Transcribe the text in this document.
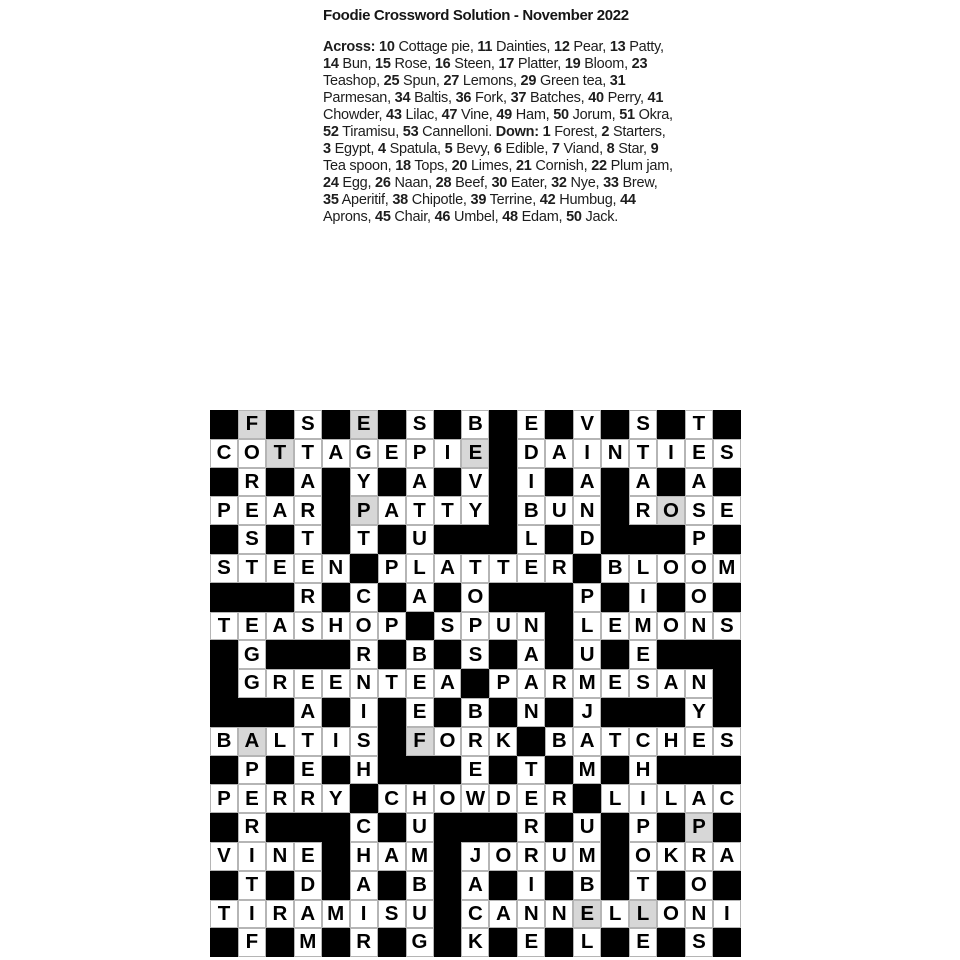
Foodie Crossword Solution - November 2022

Across: 10 Cottage pie, 11 Dainties, 12 Pear, 13 Patty, 14 Bun, 15 Rose, 16 Steen, 17 Platter, 19 Bloom, 23 Teashop, 25 Spun, 27 Lemons, 29 Green tea, 31 Parmesan, 34 Baltis, 36 Fork, 37 Batches, 40 Perry, 41 Chowder, 43 Lilac, 47 Vine, 49 Ham, 50 Jorum, 51 Okra, 52 Tiramisu, 53 Cannelloni. Down: 1 Forest, 2 Starters, 3 Egypt, 4 Spatula, 5 Bevy, 6 Edible, 7 Viand, 8 Star, 9 Tea spoon, 18 Tops, 20 Limes, 21 Cornish, 22 Plum jam, 24 Egg, 26 Naan, 28 Beef, 30 Eater, 32 Nye, 33 Brew, 35 Aperitif, 38 Chipotle, 39 Terrine, 42 Humbug, 44 Aprons, 45 Chair, 46 Umbel, 48 Edam, 50 Jack.

F	S	E	S	B	E	V	S	T
C O T T A G E P I E	D A I N T I E S
R	A	Y	A	V	I	A	A	A
P E A R	P A T T Y	B U N	R O S E
S	T	T	U	L	D	P
S T E E N	P L A T T E R	B L O O M
R	C	A	O	P	I	O
T E A S H O P	S P U N	L E M O N S
G	R	B	S	A	U	E
G R E E N T E A	P A R M E S A N
A	I	E	B	N	J	Y
B A L T I S	F O R K	B A T C H E S
P	E	H	E	T	M	H
P E R R Y	C H O W D E R	L I L A C
R	C	U	R	U	P	P
V I N E	H A M	J O R U M O K R A
T	D	A	B	A	I	B	T	O
T I R A M I S U	C A N N E L L O N I
F	M	R	G	K	E	L	E	S
